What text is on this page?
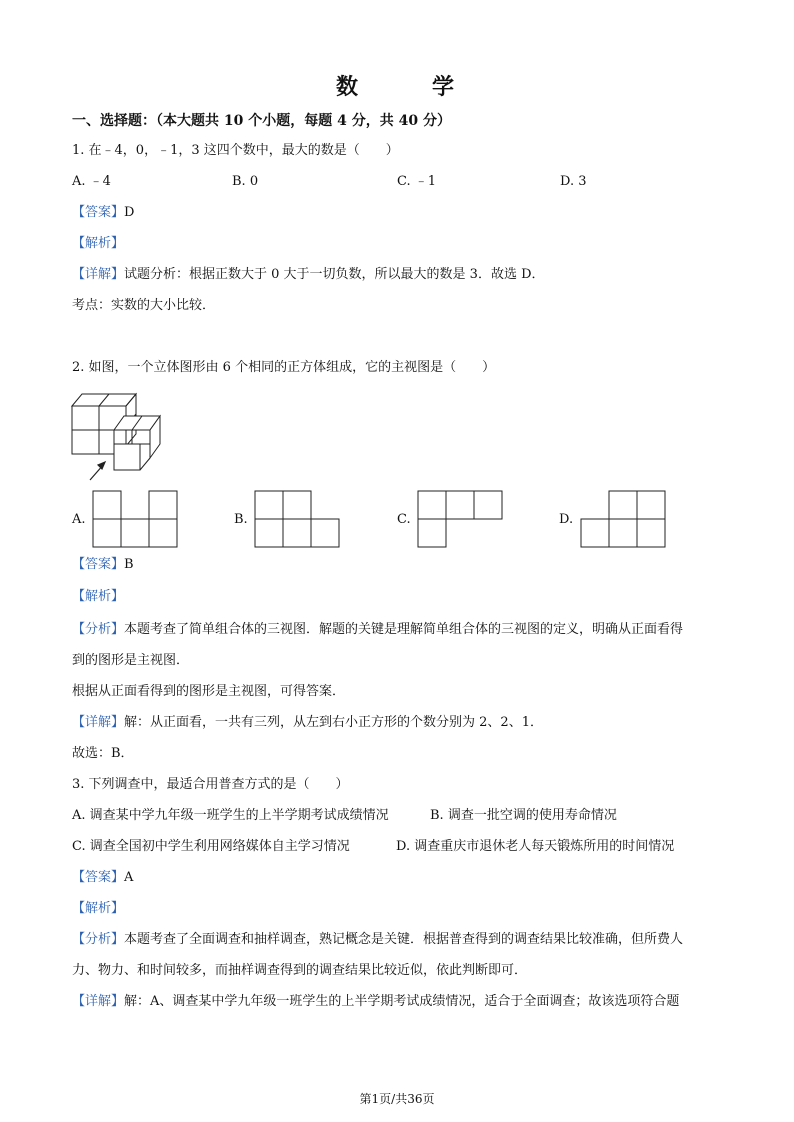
数	学
一、选择题：（本大题共 10 个小题，每题 4 分，共 40 分）
1. 在﹣4，0，﹣1，3 这四个数中，最大的数是（　　）
A. ﹣4	B. 0	C. ﹣1	D. 3
【答案】D
【解析】
【详解】试题分析：根据正数大于 0 大于一切负数，所以最大的数是 3．故选 D．
考点：实数的大小比较．
2. 如图，一个立体图形由 6 个相同的正方体组成，它的主视图是（　　）
A.	B.	C.	D.
【答案】B
【解析】
【分析】本题考查了简单组合体的三视图．解题的关键是理解简单组合体的三视图的定义，明确从正面看得
到的图形是主视图．
根据从正面看得到的图形是主视图，可得答案．
【详解】解：从正面看，一共有三列，从左到右小正方形的个数分别为 2、2、1．
故选：B．
3. 下列调查中，最适合用普查方式的是（　　）
A. 调查某中学九年级一班学生的上半学期考试成绩情况	B. 调查一批空调的使用寿命情况
C. 调查全国初中学生利用网络媒体自主学习情况	D. 调查重庆市退休老人每天锻炼所用的时间情况
【答案】A
【解析】
【分析】本题考查了全面调查和抽样调查，熟记概念是关键．根据普查得到的调查结果比较准确，但所费人
力、物力、和时间较多，而抽样调查得到的调查结果比较近似，依此判断即可．
【详解】解：A、调查某中学九年级一班学生的上半学期考试成绩情况，适合于全面调查；故该选项符合题
第1页/共36页
